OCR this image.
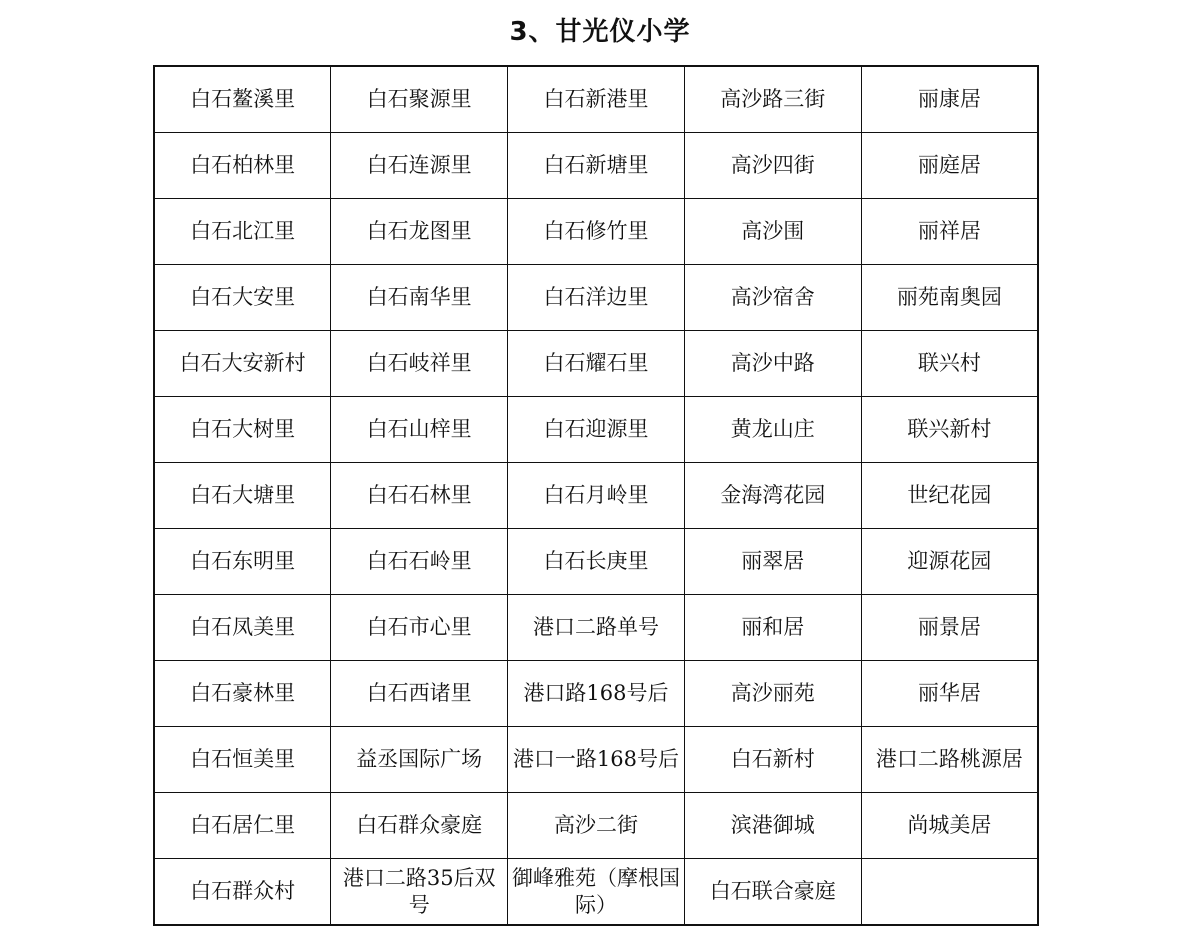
3、甘光仪小学
白石鳌溪里	白石聚源里	白石新港里	高沙路三街	丽康居
白石柏林里	白石连源里	白石新塘里	高沙四街	丽庭居
白石北江里	白石龙图里	白石修竹里	高沙围	丽祥居
白石大安里	白石南华里	白石洋边里	高沙宿舍	丽苑南奥园
白石大安新村	白石岐祥里	白石耀石里	高沙中路	联兴村
白石大树里	白石山梓里	白石迎源里	黄龙山庄	联兴新村
白石大塘里	白石石林里	白石月岭里	金海湾花园	世纪花园
白石东明里	白石石岭里	白石长庚里	丽翠居	迎源花园
白石凤美里	白石市心里	港口二路单号	丽和居	丽景居
白石豪林里	白石西诸里	港口路168号后	高沙丽苑	丽华居
白石恒美里	益丞国际广场	港口一路168号后	白石新村	港口二路桃源居
白石居仁里	白石群众豪庭	高沙二街	滨港御城	尚城美居
白石群众村	港口二路35后双号	御峰雅苑（摩根国际）	白石联合豪庭	
